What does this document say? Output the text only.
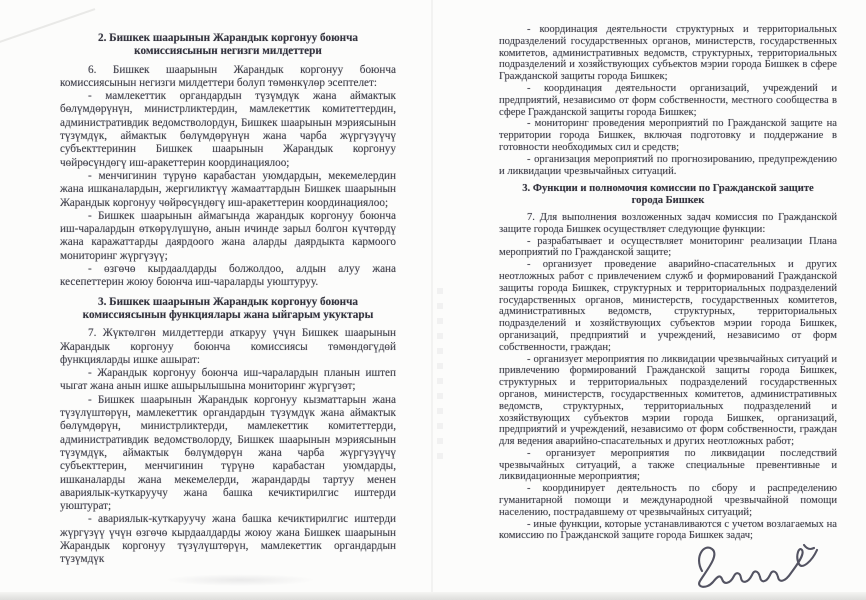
2. Бишкек шаарынын Жарандык коргонуу боюнча комиссиясынын негизги милдеттери
6. Бишкек шаарынын Жарандык коргонуу боюнча комиссиясынын негизги милдеттери болуп төмөнкүлөр эсептелет:
- мамлекеттик органдардын түзүмдүк жана аймактык бөлүмдөрүнүн, министрликтердин, мамлекеттик комитеттердин, административдик ведомстволордун, Бишкек шаарынын мэриясынын түзүмдүк, аймактык бөлүмдөрүнүн жана чарба жүргүзүүчү субъекттеринин Бишкек шаарынын Жарандык коргонуу чөйрөсүндөгү иш-аракеттерин координациялоо;
- менчигинин түрүнө карабастан уюмдардын, мекемелердин жана ишканалардын, жергиликтүү жамааттардын Бишкек шаарынын Жарандык коргонуу чөйрөсүндөгү иш-аракеттерин координациялоо;
- Бишкек шаарынын аймагында жарандык коргонуу боюнча иш-чаралардын өткөрүлүшүнө, анын ичинде зарыл болгон күчтөрдү жана каражаттарды даярдоого жана аларды даярдыкта кармоого мониторинг жүргүзүү;
- өзгөчө кырдаалдарды болжолдоо, алдын алуу жана кесепеттерин жоюу боюнча иш-чараларды уюштуруу.
3. Бишкек шаарынын Жарандык коргонуу боюнча комиссиясынын функциялары жана ыйгарым укуктары
7. Жүктөлгөн милдеттерди аткаруу үчүн Бишкек шаарынын Жарандык коргонуу боюнча комиссиясы төмөндөгүдөй функцияларды ишке ашырат:
- Жарандык коргонуу боюнча иш-чаралардын планын иштеп чыгат жана анын ишке ашырылышына мониторинг жүргүзөт;
- Бишкек шаарынын Жарандык коргонуу кызматтарын жана түзүлүштөрүн, мамлекеттик органдардын түзүмдүк жана аймактык бөлүмдөрүн, министрликтерди, мамлекеттик комитеттерди, административдик ведомстволорду, Бишкек шаарынын мэриясынын түзүмдүк, аймактык бөлүмдөрүн жана чарба жүргүзүүчү субъекттерин, менчигинин түрүнө карабастан уюмдарды, ишканаларды жана мекемелерди, жарандарды тартуу менен авариялык-куткаруучу жана башка кечиктирилгис иштерди уюштурат;
- авариялык-куткаруучу жана башка кечиктирилгис иштерди жүргүзүү үчүн өзгөчө кырдаалдарды жоюу жана Бишкек шаарынын Жарандык коргонуу түзүлүштөрүн, мамлекеттик органдардын түзүмдүк
- координация деятельности структурных и территориальных подразделений государственных органов, министерств, государственных комитетов, административных ведомств, структурных, территориальных подразделений и хозяйствующих субъектов мэрии города Бишкек в сфере Гражданской защиты города Бишкек;
- координация деятельности организаций, учреждений и предприятий, независимо от форм собственности, местного сообщества в сфере Гражданской защиты города Бишкек;
- мониторинг проведения мероприятий по Гражданской защите на территории города Бишкек, включая подготовку и поддержание в готовности необходимых сил и средств;
- организация мероприятий по прогнозированию, предупреждению и ликвидации чрезвычайных ситуаций.
3. Функции и полномочия комиссии по Гражданской защите города Бишкек
7. Для выполнения возложенных задач комиссия по Гражданской защите города Бишкек осуществляет следующие функции:
- разрабатывает и осуществляет мониторинг реализации Плана мероприятий по Гражданской защите;
- организует проведение аварийно-спасательных и других неотложных работ с привлечением служб и формирований Гражданской защиты города Бишкек, структурных и территориальных подразделений государственных органов, министерств, государственных комитетов, административных ведомств, структурных, территориальных подразделений и хозяйствующих субъектов мэрии города Бишкек, организаций, предприятий и учреждений, независимо от форм собственности, граждан;
- организует мероприятия по ликвидации чрезвычайных ситуаций и привлечению формирований Гражданской защиты города Бишкек, структурных и территориальных подразделений государственных органов, министерств, государственных комитетов, административных ведомств, структурных, территориальных подразделений и хозяйствующих субъектов мэрии города Бишкек, организаций, предприятий и учреждений, независимо от форм собственности, граждан для ведения аварийно-спасательных и других неотложных работ;
- организует мероприятия по ликвидации последствий чрезвычайных ситуаций, а также специальные превентивные и ликвидационные мероприятия;
- координирует деятельность по сбору и распределению гуманитарной помощи и международной чрезвычайной помощи населению, пострадавшему от чрезвычайных ситуаций;
- иные функции, которые устанавливаются с учетом возлагаемых на комиссию по Гражданской защите города Бишкек задач;
